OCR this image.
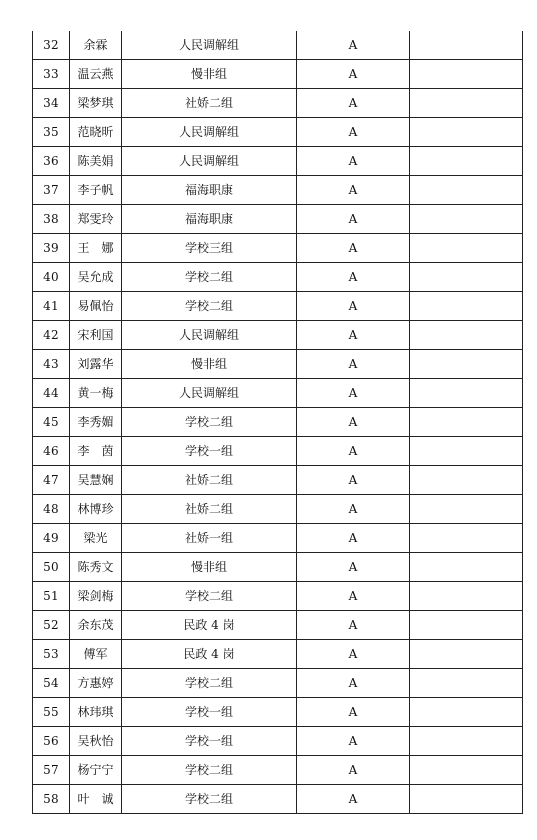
32	余霖	人民调解组	A	
33	温云燕	慢非组	A	
34	梁梦琪	社娇二组	A	
35	范晓昕	人民调解组	A	
36	陈美娟	人民调解组	A	
37	李子帆	福海职康	A	
38	郑雯玲	福海职康	A	
39	王　娜	学校三组	A	
40	吴允成	学校二组	A	
41	易佩怡	学校二组	A	
42	宋利国	人民调解组	A	
43	刘露华	慢非组	A	
44	黄一梅	人民调解组	A	
45	李秀媚	学校二组	A	
46	李　茵	学校一组	A	
47	吴慧娴	社娇二组	A	
48	林博珍	社娇二组	A	
49	梁光	社娇一组	A	
50	陈秀文	慢非组	A	
51	梁剑梅	学校二组	A	
52	余东茂	民政 4 岗	A	
53	傅军	民政 4 岗	A	
54	方惠婷	学校二组	A	
55	林玮琪	学校一组	A	
56	吴秋怡	学校一组	A	
57	杨宁宁	学校二组	A	
58	叶　诚	学校二组	A	
